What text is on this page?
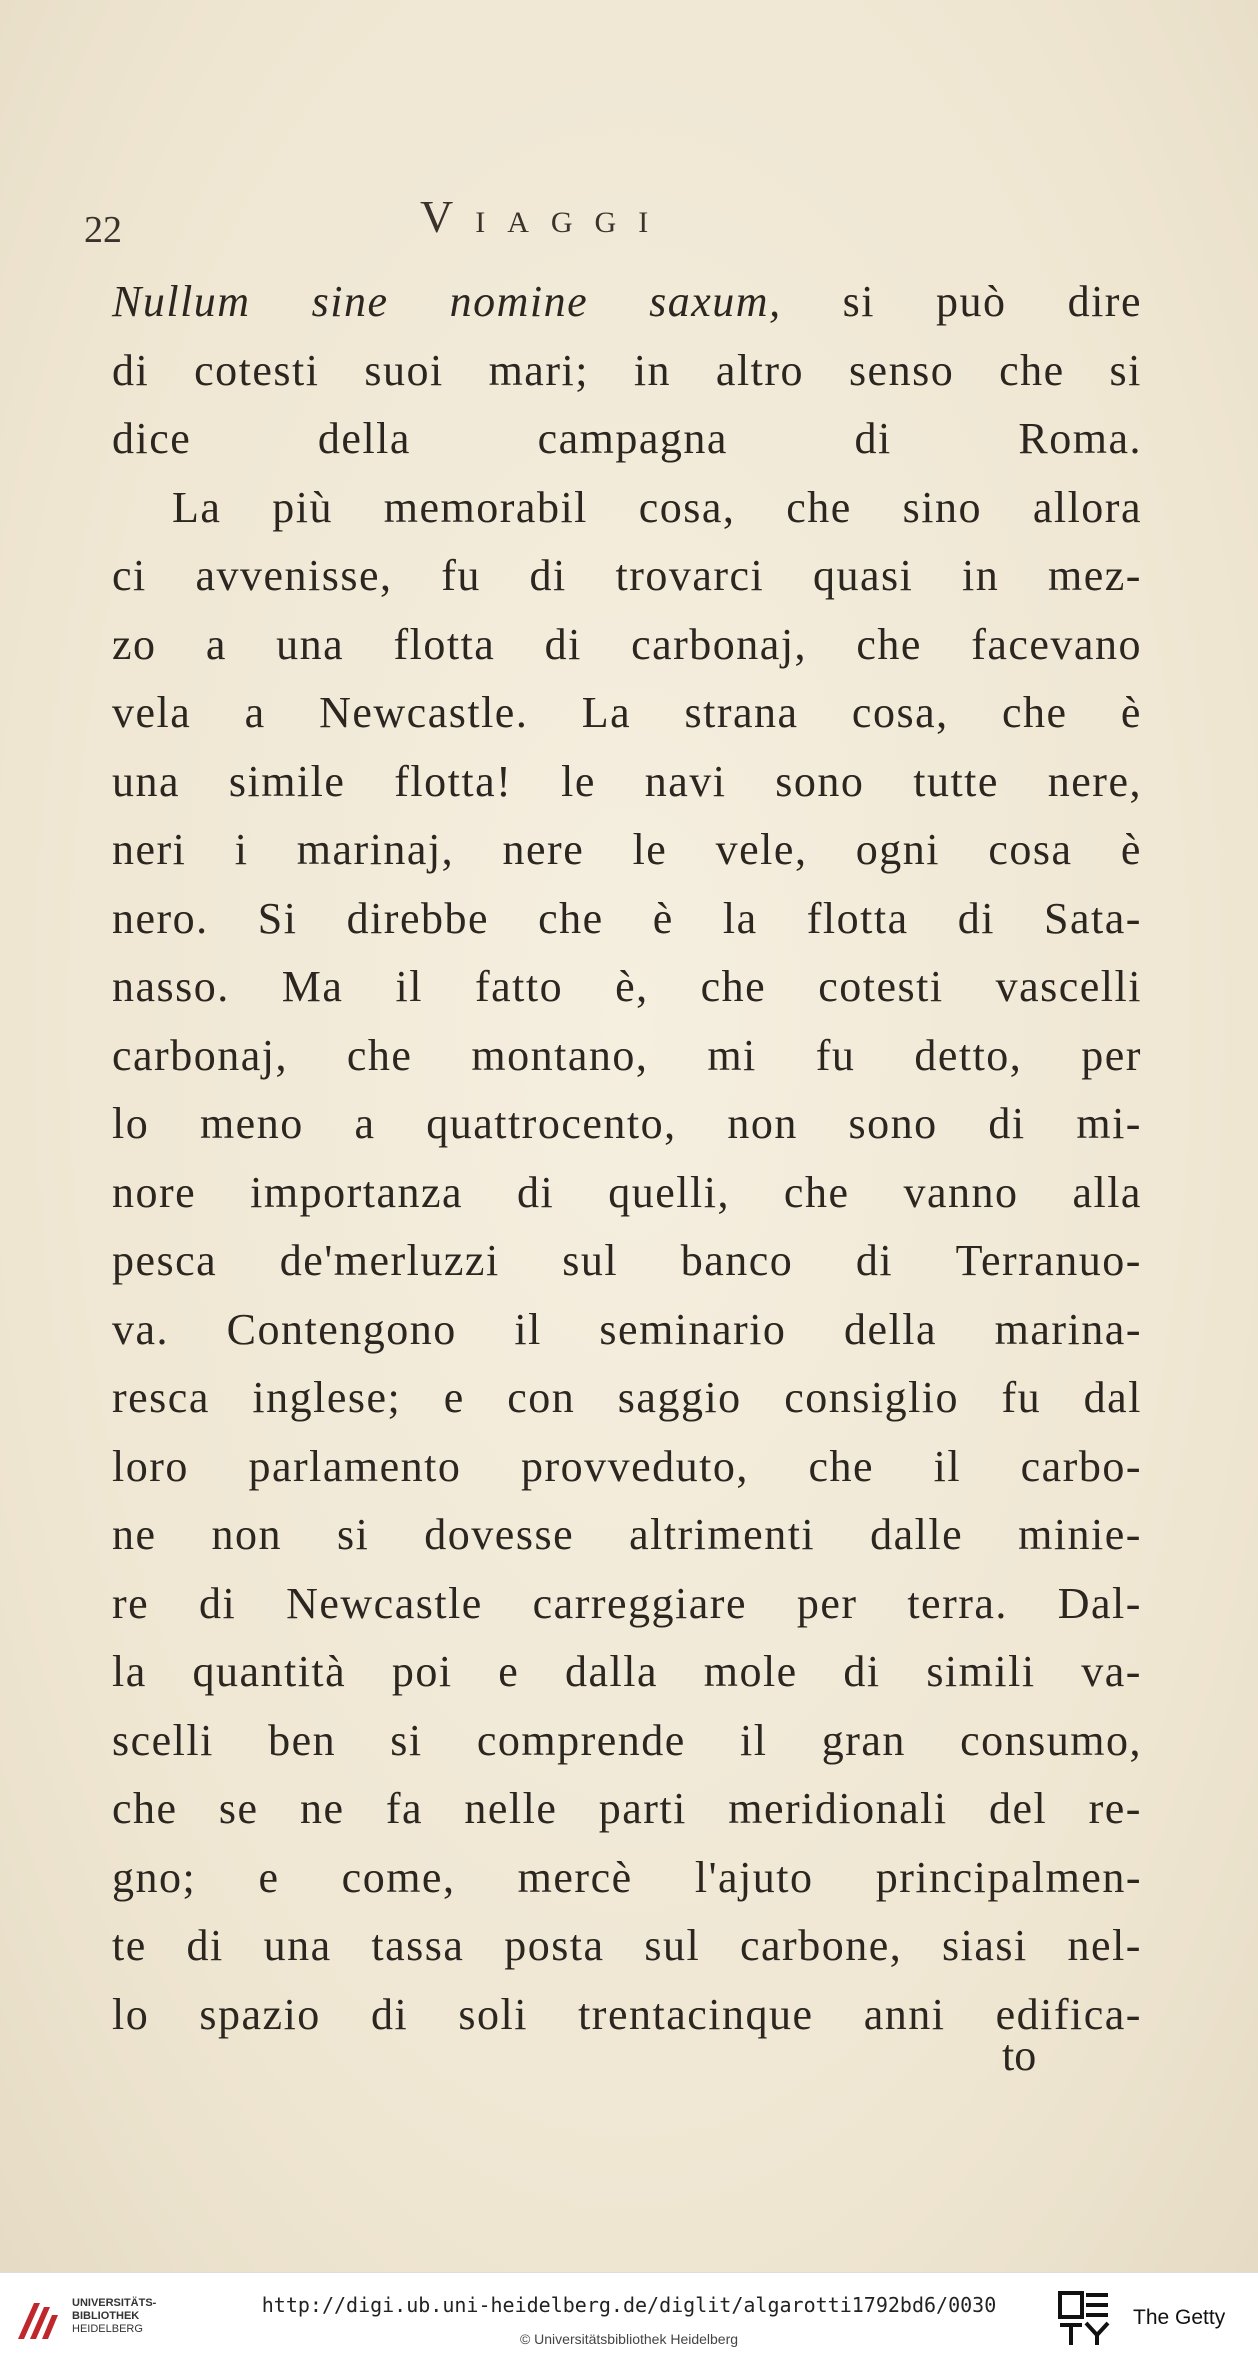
22	VIAGGI
Nullum sine nomine saxum, si può dire
di cotesti suoi mari; in altro senso che si
dice	della	campagna	di	Roma.
La più memorabil cosa, che sino allora
ci avvenisse, fu di trovarci quasi in mez-
zo a una flotta di carbonaj, che facevano
vela a Newcastle. La strana cosa, che è
una simile flotta! le navi sono tutte nere,
neri i marinaj, nere le vele, ogni cosa è
nero. Si direbbe che è la flotta di Sata-
nasso. Ma il fatto è, che cotesti vascelli
carbonaj, che montano, mi fu detto, per
lo meno a quattrocento, non sono di mi-
nore importanza di quelli, che vanno alla
pesca de'merluzzi sul banco di Terranuo-
va. Contengono il seminario della marina-
resca inglese; e con saggio consiglio fu dal
loro parlamento provveduto, che il carbo-
ne non si dovesse altrimenti dalle minie-
re di Newcastle carreggiare per terra. Dal-
la quantità poi e dalla mole di simili va-
scelli ben si comprende il gran consumo,
che se ne fa nelle parti meridionali del re-
gno; e come, mercè l'ajuto principalmen-
te di una tassa posta sul carbone, siasi nel-
lo spazio di soli trentacinque anni edifica-
to
UNIVERSITÄTS-
BIBLIOTHEK
HEIDELBERG
http://digi.ub.uni-heidelberg.de/diglit/algarotti1792bd6/0030
© Universitätsbibliothek Heidelberg
The Getty
